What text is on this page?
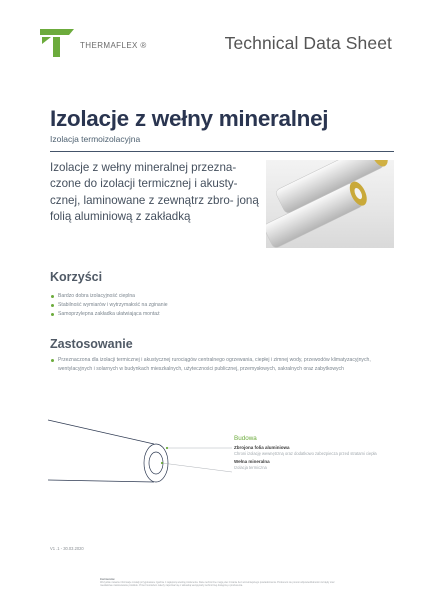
THERMAFLEX ®	Technical Data Sheet
Izolacje z wełny mineralnej
Izolacja termoizolacyjna

Izolacje z wełny mineralnej przezna- czone do izolacji termicznej i akusty- cznej, laminowane z zewnątrz zbro- joną folią aluminiową z zakładką

Korzyści
Bardzo dobra izolacyjność cieplna
Stabilność wymiarów i wytrzymałość na zginanie
Samoprzylepna zakładka ułatwiająca montaż
Zastosowanie
Przeznaczona dla izolacji termicznej i akustycznej rurociągów centralnego ogrzewania, ciepłej i zimnej wody, przewodów klimatyzacyjnych, wentylacyjnych i solarnych w budynkach mieszkalnych, użyteczności publicznej, przemysłowych, sakralnych oraz zabytkowych
Budowa
Zbrojona folia aluminiowa
Chroni izolację wewnętrzną oraz dodatkowo zabezpiecza przed stratami ciepła
Wełna mineralna
Izolacja termiczna
V1 .1 - 30.03.2020
Zastrzeżenie:
Wszystkie zawarte informacje zostały przygotowane zgodnie z najlepszą wiedzą producenta. Dane techniczne mogą ulec zmianie bez wcześniejszego powiadomienia. Producent nie ponosi odpowiedzialności za błędy oraz niewłaściwe zastosowanie produktu. Przed montażem należy zapoznać się z aktualną wersją karty technicznej dostępną u producenta.
